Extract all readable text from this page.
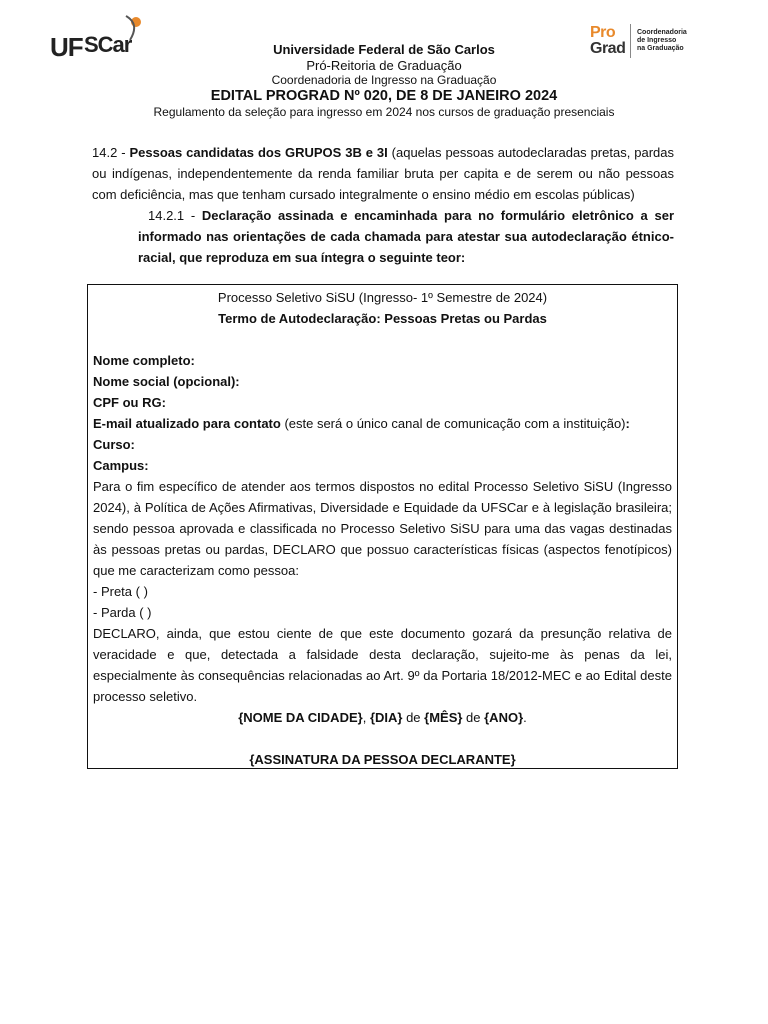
UF SCar	Pro
Grad
Coordenadoria
de Ingresso
na Graduação
Universidade Federal de São Carlos
Pró-Reitoria de Graduação
Coordenadoria de Ingresso na Graduação
EDITAL PROGRAD Nº 020, DE 8 DE JANEIRO 2024
Regulamento da seleção para ingresso em 2024 nos cursos de graduação presenciais

14.2 - Pessoas candidatas dos GRUPOS 3B e 3I (aquelas pessoas autodeclaradas pretas, pardas ou indígenas, independentemente da renda familiar bruta per capita e de serem ou não pessoas com deficiência, mas que tenham cursado integralmente o ensino médio em escolas públicas)

14.2.1 - Declaração assinada e encaminhada para no formulário eletrônico a ser informado nas orientações de cada chamada para atestar sua autodeclaração étnico-racial, que reproduza em sua íntegra o seguinte teor:

Processo Seletivo SiSU (Ingresso- 1º Semestre de 2024)

Termo de Autodeclaração: Pessoas Pretas ou Pardas

Nome completo:

Nome social (opcional):

CPF ou RG:

E-mail atualizado para contato (este será o único canal de comunicação com a instituição):

Curso:

Campus:

Para o fim específico de atender aos termos dispostos no edital Processo Seletivo SiSU (Ingresso 2024), à Política de Ações Afirmativas, Diversidade e Equidade da UFSCar e à legislação brasileira; sendo pessoa aprovada e classificada no Processo Seletivo SiSU para uma das vagas destinadas às pessoas pretas ou pardas, DECLARO que possuo características físicas (aspectos fenotípicos) que me caracterizam como pessoa:

- Preta ( )

- Parda ( )

DECLARO, ainda, que estou ciente de que este documento gozará da presunção relativa de veracidade e que, detectada a falsidade desta declaração, sujeito-me às penas da lei, especialmente às consequências relacionadas ao Art. 9º da Portaria 18/2012-MEC e ao Edital deste processo seletivo.

{NOME DA CIDADE}, {DIA} de {MÊS} de {ANO}.

{ASSINATURA DA PESSOA DECLARANTE}
